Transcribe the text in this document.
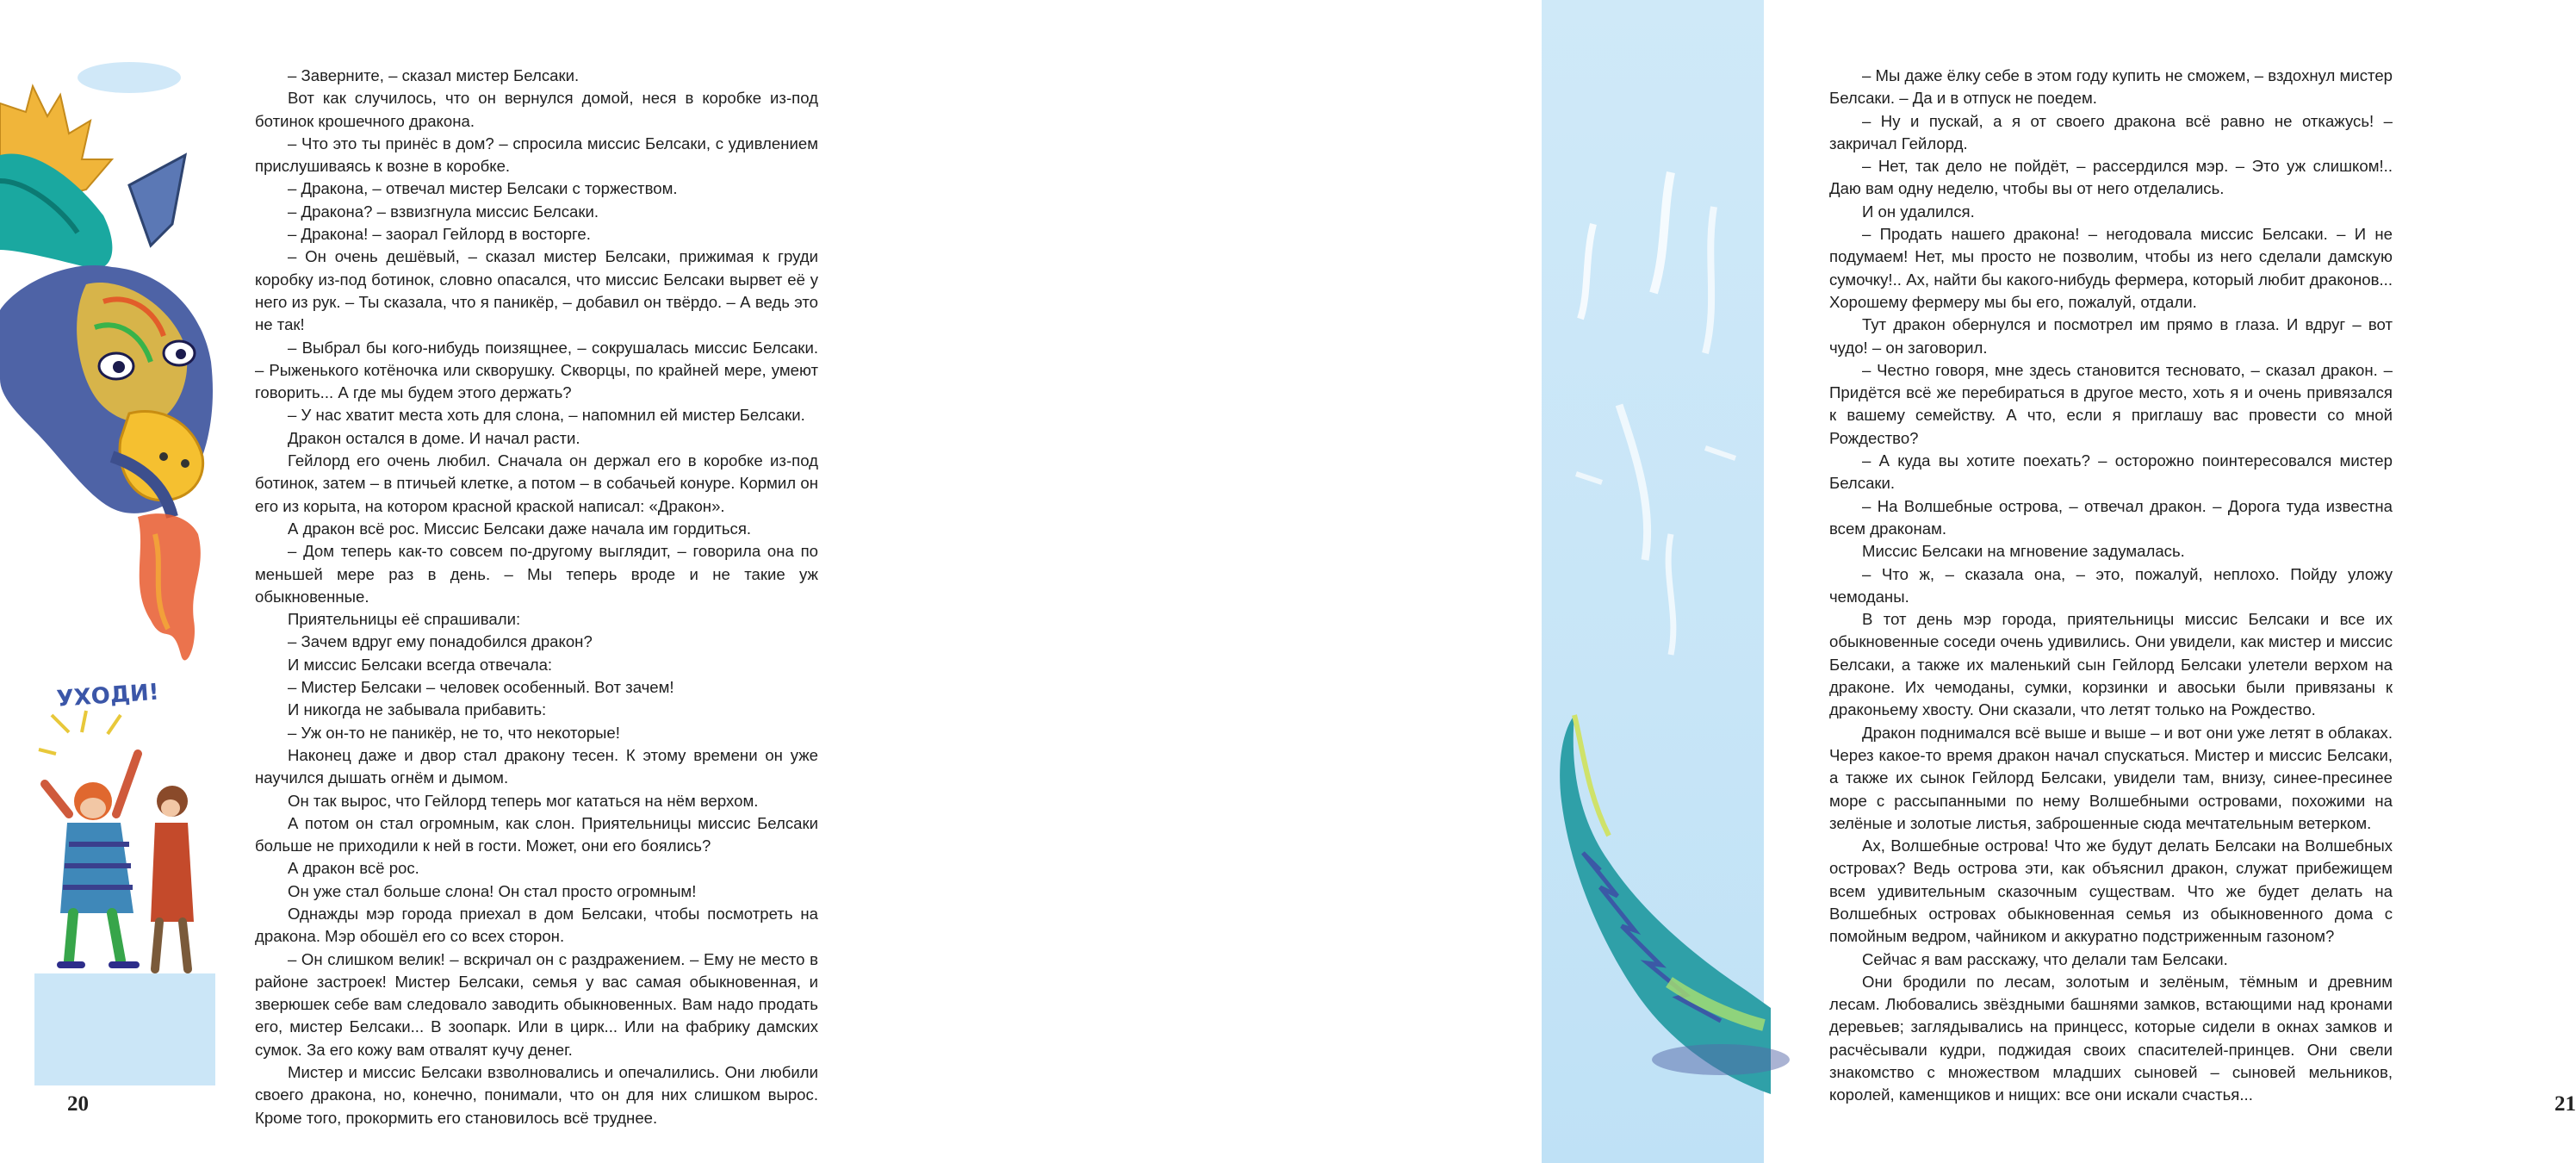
УХОДИ!

– Заверните, – сказал мистер Белсаки.

Вот как случилось, что он вернулся домой, неся в коробке из-под ботинок крошечного дракона.

– Что это ты принёс в дом? – спросила миссис Белсаки, с удивлением прислушиваясь к возне в коробке.

– Дракона, – отвечал мистер Белсаки с торжеством.

– Дракона? – взвизгнула миссис Белсаки.

– Дракона! – заорал Гейлорд в восторге.

– Он очень дешёвый, – сказал мистер Белсаки, прижимая к груди коробку из-под ботинок, словно опасался, что миссис Белсаки вырвет её у него из рук. – Ты сказала, что я паникёр, – добавил он твёрдо. – А ведь это не так!

– Выбрал бы кого-нибудь поизящнее, – сокрушалась миссис Белсаки. – Рыженького котёночка или скворушку. Скворцы, по крайней мере, умеют говорить... А где мы будем этого держать?

– У нас хватит места хоть для слона, – напомнил ей мистер Белсаки.

Дракон остался в доме. И начал расти.

Гейлорд его очень любил. Сначала он держал его в коробке из-под ботинок, затем – в птичьей клетке, а потом – в собачьей конуре. Кормил он его из корыта, на котором красной краской написал: «Дракон».

А дракон всё рос. Миссис Белсаки даже начала им гордиться.

– Дом теперь как-то совсем по-другому выглядит, – говорила она по меньшей мере раз в день. – Мы теперь вроде и не такие уж обыкновенные.

Приятельницы её спрашивали:

– Зачем вдруг ему понадобился дракон?

И миссис Белсаки всегда отвечала:

– Мистер Белсаки – человек особенный. Вот зачем!

И никогда не забывала прибавить:

– Уж он-то не паникёр, не то, что некоторые!

Наконец даже и двор стал дракону тесен. К этому времени он уже научился дышать огнём и дымом.

Он так вырос, что Гейлорд теперь мог кататься на нём верхом.

А потом он стал огромным, как слон. Приятельницы миссис Белсаки больше не приходили к ней в гости. Может, они его боялись?

А дракон всё рос.

Он уже стал больше слона! Он стал просто огромным!

Однажды мэр города приехал в дом Белсаки, чтобы посмотреть на дракона. Мэр обошёл его со всех сторон.

– Он слишком велик! – вскричал он с раздражением. – Ему не место в районе застроек! Мистер Белсаки, семья у вас самая обыкновенная, и зверюшек себе вам следовало заводить обыкновенных. Вам надо продать его, мистер Белсаки... В зоопарк. Или в цирк... Или на фабрику дамских сумок. За его кожу вам отвалят кучу денег.

Мистер и миссис Белсаки взволновались и опечалились. Они любили своего дракона, но, конечно, понимали, что он для них слишком вырос. Кроме того, прокормить его становилось всё труднее.

20

– Мы даже ёлку себе в этом году купить не сможем, – вздохнул мистер Белсаки. – Да и в отпуск не поедем.

– Ну и пускай, а я от своего дракона всё равно не откажусь! – закричал Гейлорд.

– Нет, так дело не пойдёт, – рассердился мэр. – Это уж слишком!.. Даю вам одну неделю, чтобы вы от него отделались.

И он удалился.

– Продать нашего дракона! – негодовала миссис Белсаки. – И не подумаем! Нет, мы просто не позволим, чтобы из него сделали дамскую сумочку!.. Ах, найти бы какого-нибудь фермера, который любит драконов... Хорошему фермеру мы бы его, пожалуй, отдали.

Тут дракон обернулся и посмотрел им прямо в глаза. И вдруг – вот чудо! – он заговорил.

– Честно говоря, мне здесь становится тесновато, – сказал дракон. – Придётся всё же перебираться в другое место, хоть я и очень привязался к вашему семейству. А что, если я приглашу вас провести со мной Рождество?

– А куда вы хотите поехать? – осторожно поинтересовался мистер Белсаки.

– На Волшебные острова, – отвечал дракон. – Дорога туда известна всем драконам.

Миссис Белсаки на мгновение задумалась.

– Что ж, – сказала она, – это, пожалуй, неплохо. Пойду уложу чемоданы.

В тот день мэр города, приятельницы миссис Белсаки и все их обыкновенные соседи очень удивились. Они увидели, как мистер и миссис Белсаки, а также их маленький сын Гейлорд Белсаки улетели верхом на драконе. Их чемоданы, сумки, корзинки и авоськи были привязаны к драконьему хвосту. Они сказали, что летят только на Рождество.

Дракон поднимался всё выше и выше – и вот они уже летят в облаках. Через какое-то время дракон начал спускаться. Мистер и миссис Белсаки, а также их сынок Гейлорд Белсаки, увидели там, внизу, синее-пресинее море с рассыпанными по нему Волшебными островами, похожими на зелёные и золотые листья, заброшенные сюда мечтательным ветерком.

Ах, Волшебные острова! Что же будут делать Белсаки на Волшебных островах? Ведь острова эти, как объяснил дракон, служат прибежищем всем удивительным сказочным существам. Что же будет делать на Волшебных островах обыкновенная семья из обыкновенного дома с помойным ведром, чайником и аккуратно подстриженным газоном?

Сейчас я вам расскажу, что делали там Белсаки.

Они бродили по лесам, золотым и зелёным, тёмным и древним лесам. Любовались звёздными башнями замков, встающими над кронами деревьев; заглядывались на принцесс, которые сидели в окнах замков и расчёсывали кудри, поджидая своих спасителей-принцев. Они свели знакомство с множеством младших сыновей – сыновей мельников, королей, каменщиков и нищих: все они искали счастья...	21
